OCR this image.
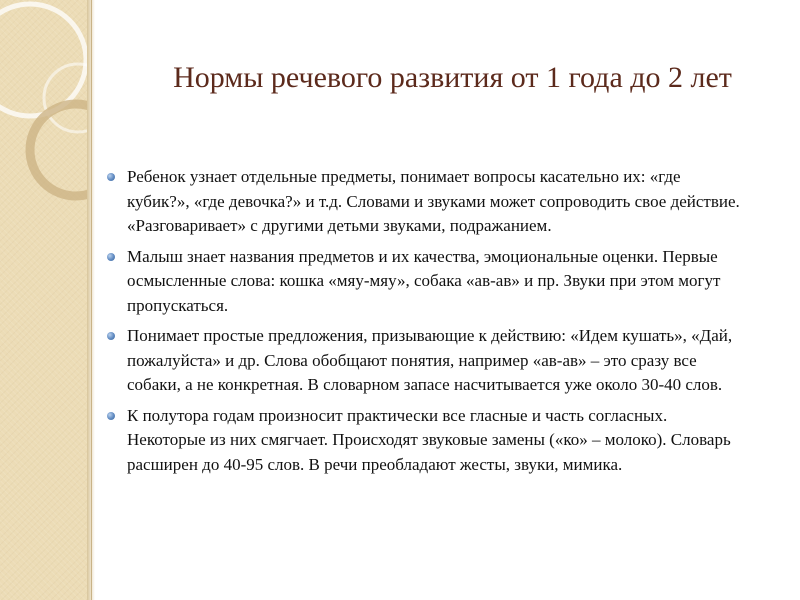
Нормы речевого развития от 1 года до 2 лет
Ребенок узнает отдельные предметы, понимает вопросы касательно их: «где кубик?», «где девочка?» и т.д. Словами и звуками может сопроводить свое действие. «Разговаривает» с другими детьми звуками, подражанием.
Малыш знает названия предметов и их качества, эмоциональные оценки. Первые осмысленные слова: кошка «мяу-мяу», собака «ав-ав» и пр. Звуки при этом могут пропускаться.
Понимает простые предложения, призывающие к действию: «Идем кушать», «Дай, пожалуйста» и др. Слова обобщают понятия, например «ав-ав» – это сразу все собаки, а не конкретная. В словарном запасе насчитывается уже около 30-40 слов.
К полутора годам произносит практически все гласные и часть согласных. Некоторые из них смягчает. Происходят звуковые замены («ко» – молоко). Словарь расширен до 40-95 слов. В речи преобладают жесты, звуки, мимика.
